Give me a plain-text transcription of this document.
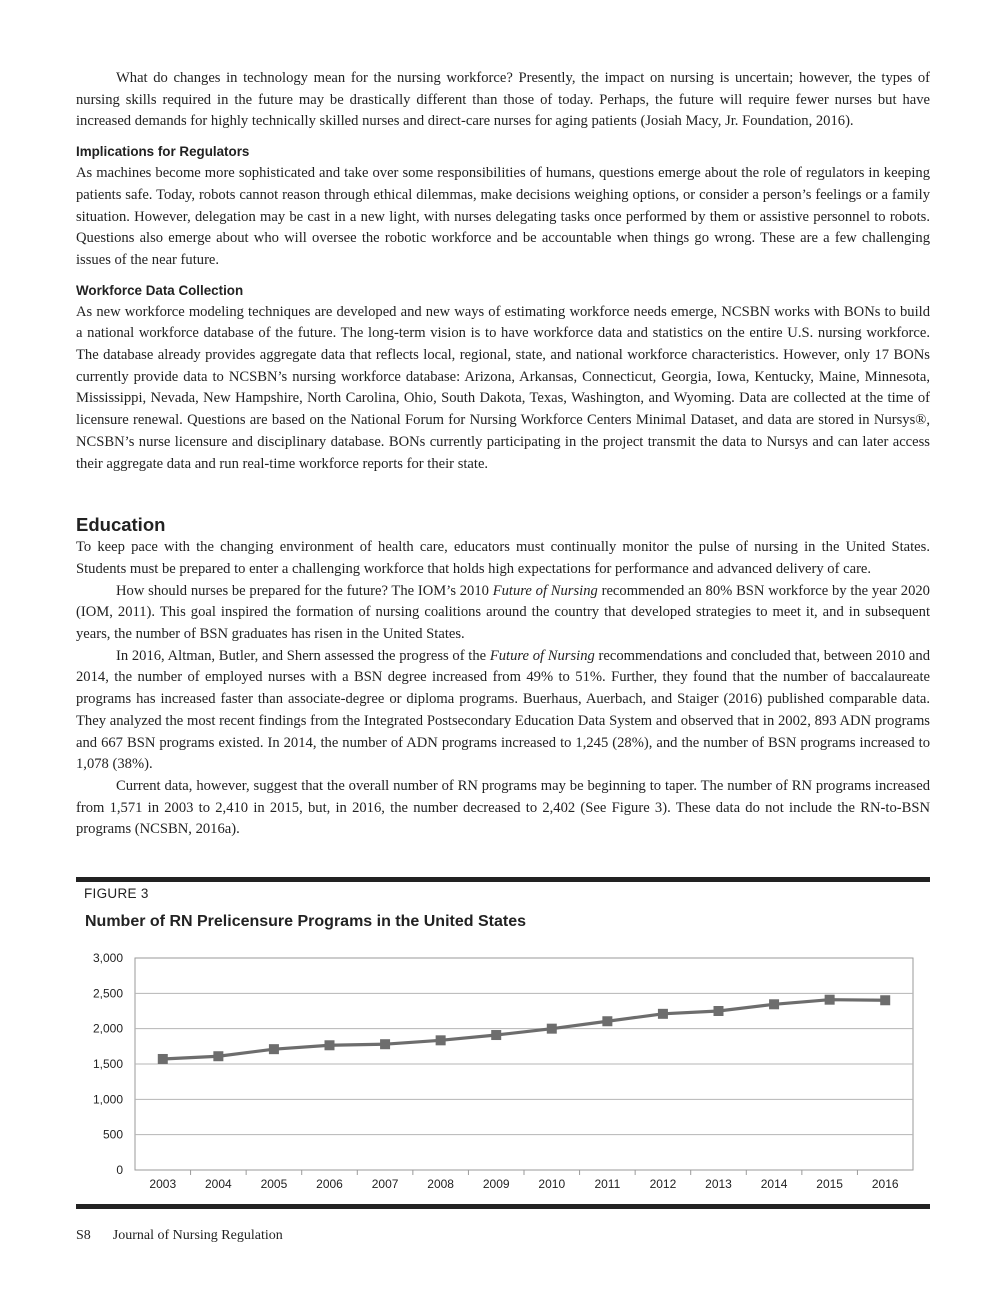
What do changes in technology mean for the nursing workforce? Presently, the impact on nursing is uncertain; however, the types of nursing skills required in the future may be drastically different than those of today. Perhaps, the future will require fewer nurses but have increased demands for highly technically skilled nurses and direct-care nurses for aging patients (Josiah Macy, Jr. Foundation, 2016).

Implications for Regulators

As machines become more sophisticated and take over some responsibilities of humans, questions emerge about the role of regulators in keeping patients safe. Today, robots cannot reason through ethical dilemmas, make decisions weighing options, or consider a person’s feelings or a family situation. However, delegation may be cast in a new light, with nurses delegating tasks once performed by them or assistive personnel to robots. Questions also emerge about who will oversee the robotic workforce and be accountable when things go wrong. These are a few challenging issues of the near future.

Workforce Data Collection

As new workforce modeling techniques are developed and new ways of estimating workforce needs emerge, NCSBN works with BONs to build a national workforce database of the future. The long-term vision is to have workforce data and statistics on the entire U.S. nursing workforce. The database already provides aggregate data that reflects local, regional, state, and national workforce characteristics. However, only 17 BONs currently provide data to NCSBN’s nursing workforce database: Arizona, Arkansas, Connecticut, Georgia, Iowa, Kentucky, Maine, Minnesota, Mississippi, Nevada, New Hampshire, North Carolina, Ohio, South Dakota, Texas, Washington, and Wyoming. Data are collected at the time of licensure renewal. Questions are based on the National Forum for Nursing Workforce Centers Minimal Dataset, and data are stored in Nursys®, NCSBN’s nurse licensure and disciplinary database. BONs currently participating in the project transmit the data to Nursys and can later access their aggregate data and run real-time workforce reports for their state.

Education

To keep pace with the changing environment of health care, educators must continually monitor the pulse of nursing in the United States. Students must be prepared to enter a challenging workforce that holds high expectations for performance and advanced delivery of care.

How should nurses be prepared for the future? The IOM’s 2010 Future of Nursing recommended an 80% BSN workforce by the year 2020 (IOM, 2011). This goal inspired the formation of nursing coalitions around the country that developed strategies to meet it, and in subsequent years, the number of BSN graduates has risen in the United States.

In 2016, Altman, Butler, and Shern assessed the progress of the Future of Nursing recommendations and concluded that, between 2010 and 2014, the number of employed nurses with a BSN degree increased from 49% to 51%. Further, they found that the number of baccalaureate programs has increased faster than associate-degree or diploma programs. Buerhaus, Auerbach, and Staiger (2016) published comparable data. They analyzed the most recent findings from the Integrated Postsecondary Education Data System and observed that in 2002, 893 ADN programs and 667 BSN programs existed. In 2014, the number of ADN programs increased to 1,245 (28%), and the number of BSN programs increased to 1,078 (38%).

Current data, however, suggest that the overall number of RN programs may be beginning to taper. The number of RN programs increased from 1,571 in 2003 to 2,410 in 2015, but, in 2016, the number decreased to 2,402 (See Figure 3). These data do not include the RN-to-BSN programs (NCSBN, 2016a).

FIGURE 3
Number of RN Prelicensure Programs in the United States
0
500
1,000
1,500
2,000
2,500
3,000
2003 2004 2005 2006 2007 2008 2009 2010 2011 2012 2013 2014 2015 2016
S8 Journal of Nursing Regulation
